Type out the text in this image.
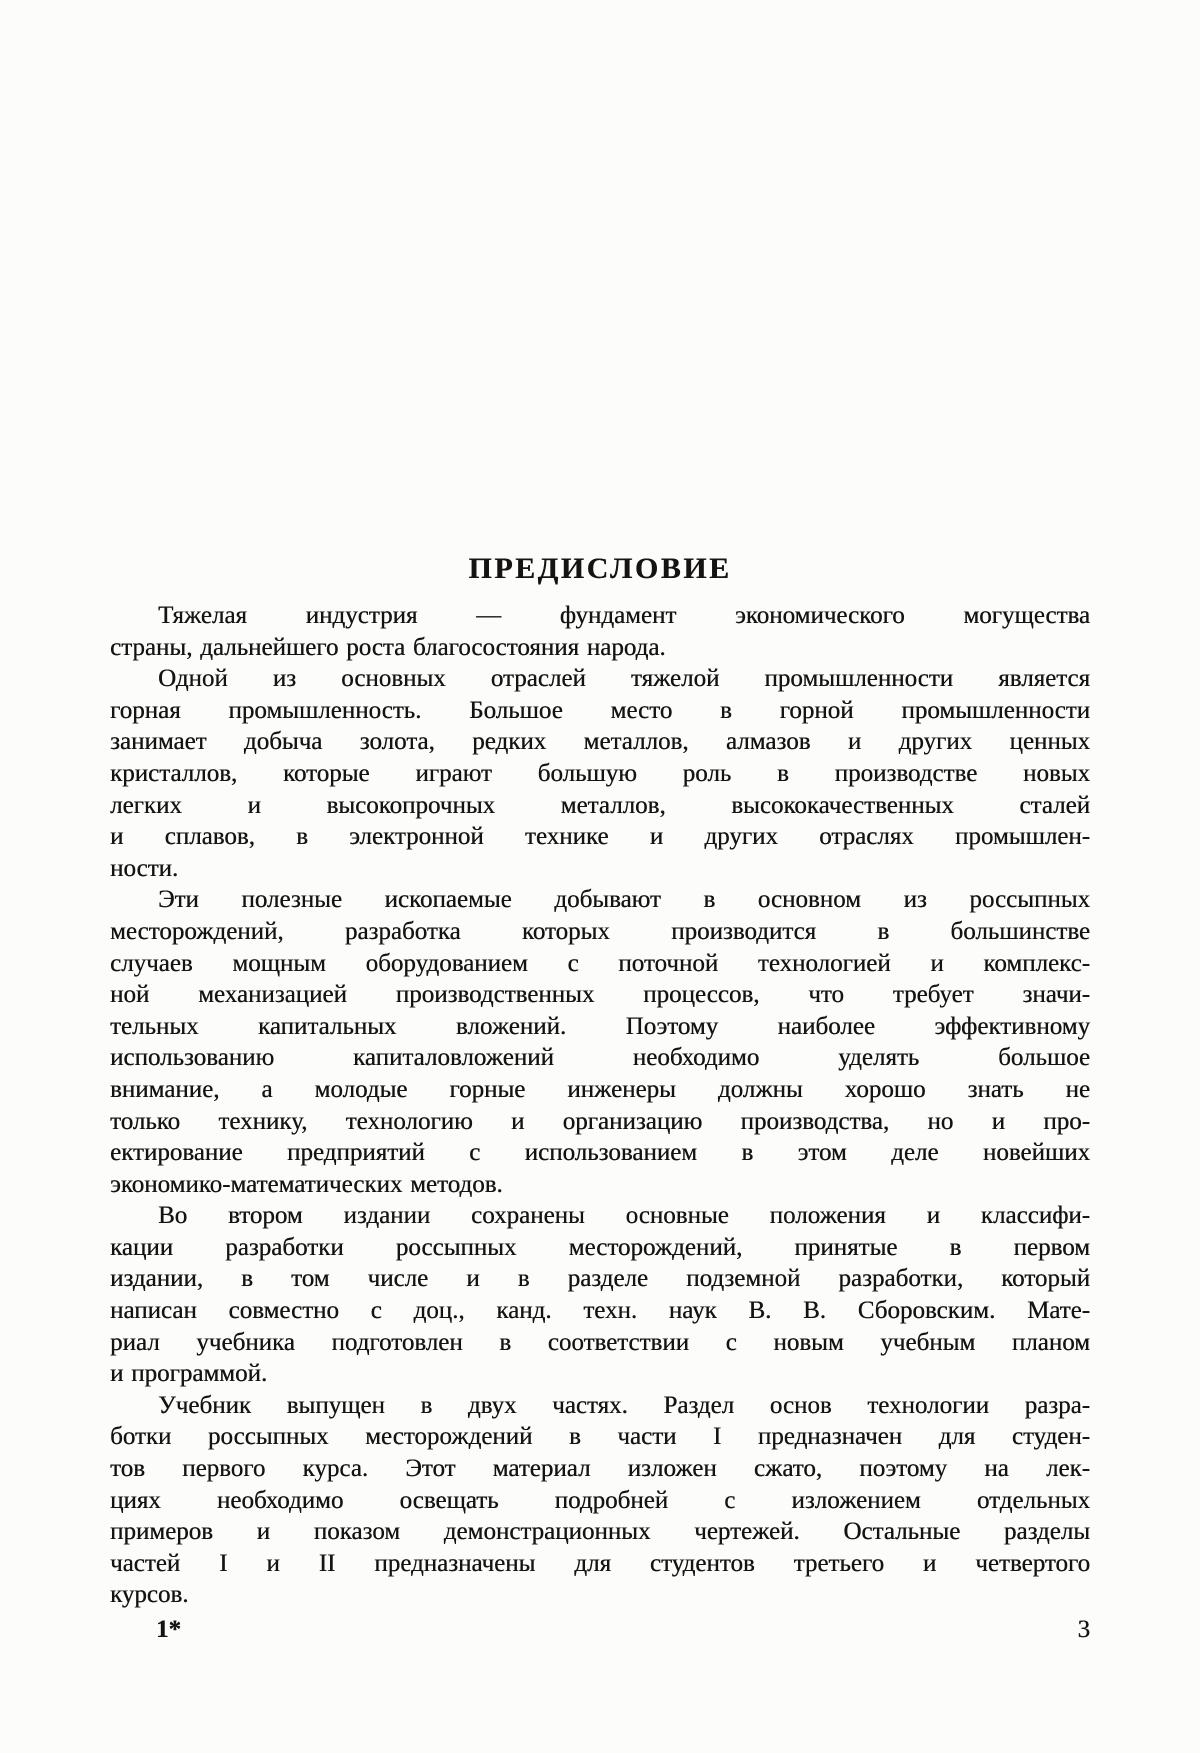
ПРЕДИСЛОВИЕ
Тяжелая индустрия — фундамент экономического могущества
страны, дальнейшего роста благосостояния народа.
Одной из основных отраслей тяжелой промышленности является
горная промышленность. Большое место в горной промышленности
занимает добыча золота, редких металлов, алмазов и других ценных
кристаллов, которые играют большую роль в производстве новых
легких и высокопрочных металлов, высококачественных сталей
и сплавов, в электронной технике и других отраслях промышлен-
ности.
Эти полезные ископаемые добывают в основном из россыпных
месторождений, разработка которых производится в большинстве
случаев мощным оборудованием с поточной технологией и комплекс-
ной механизацией производственных процессов, что требует значи-
тельных капитальных вложений. Поэтому наиболее эффективному
использованию капиталовложений необходимо уделять большое
внимание, а молодые горные инженеры должны хорошо знать не
только технику, технологию и организацию производства, но и про-
ектирование предприятий с использованием в этом деле новейших
экономико-математических методов.
Во втором издании сохранены основные положения и классифи-
кации разработки россыпных месторождений, принятые в первом
издании, в том числе и в разделе подземной разработки, который
написан совместно с доц., канд. техн. наук В. В. Сборовским. Мате-
риал учебника подготовлен в соответствии с новым учебным планом
и программой.
Учебник выпущен в двух частях. Раздел основ технологии разра-
ботки россыпных месторождений в части I предназначен для студен-
тов первого курса. Этот материал изложен сжато, поэтому на лек-
циях необходимо освещать подробней с изложением отдельных
примеров и показом демонстрационных чертежей. Остальные разделы
частей I и II предназначены для студентов третьего и четвертого
курсов.
1*	3
